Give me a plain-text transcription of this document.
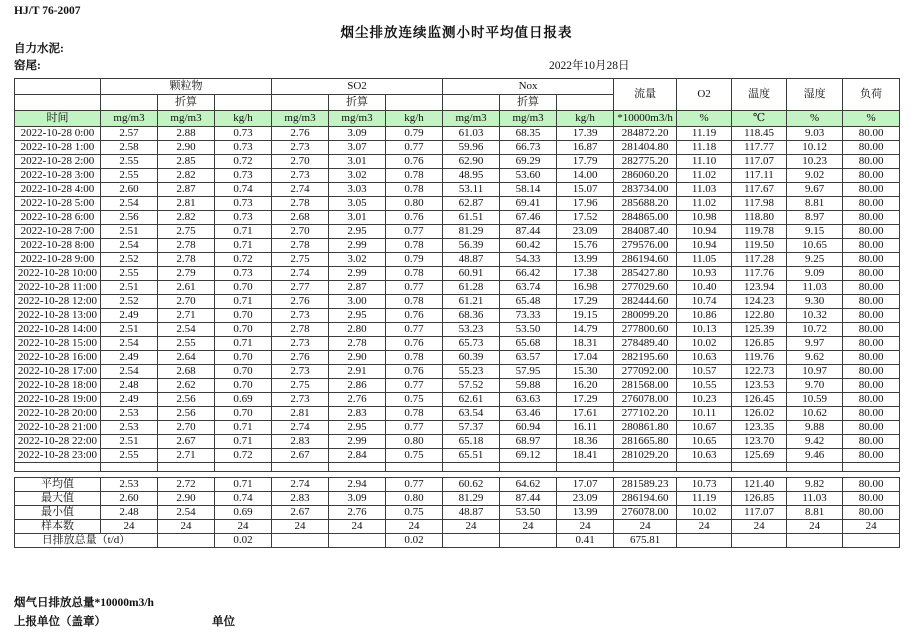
HJ/T 76-2007
烟尘排放连续监测小时平均值日报表
自力水泥:
窑尾:	2022年10月28日
	颗粒物			SO2			Nox			流量	O2	温度	湿度	负荷
		折算			折算			折算						
时间	mg/m3	mg/m3	kg/h	mg/m3	mg/m3	kg/h	mg/m3	mg/m3	kg/h	*10000m3/h	%	℃	%	%
2022-10-28 0:00	2.57	2.88	0.73	2.76	3.09	0.79	61.03	68.35	17.39	284872.20	11.19	118.45	9.03	80.00
2022-10-28 1:00	2.58	2.90	0.73	2.73	3.07	0.77	59.96	66.73	16.87	281404.80	11.18	117.77	10.12	80.00
2022-10-28 2:00	2.55	2.85	0.72	2.70	3.01	0.76	62.90	69.29	17.79	282775.20	11.10	117.07	10.23	80.00
2022-10-28 3:00	2.55	2.82	0.73	2.73	3.02	0.78	48.95	53.60	14.00	286060.20	11.02	117.11	9.02	80.00
2022-10-28 4:00	2.60	2.87	0.74	2.74	3.03	0.78	53.11	58.14	15.07	283734.00	11.03	117.67	9.67	80.00
2022-10-28 5:00	2.54	2.81	0.73	2.78	3.05	0.80	62.87	69.41	17.96	285688.20	11.02	117.98	8.81	80.00
2022-10-28 6:00	2.56	2.82	0.73	2.68	3.01	0.76	61.51	67.46	17.52	284865.00	10.98	118.80	8.97	80.00
2022-10-28 7:00	2.51	2.75	0.71	2.70	2.95	0.77	81.29	87.44	23.09	284087.40	10.94	119.78	9.15	80.00
2022-10-28 8:00	2.54	2.78	0.71	2.78	2.99	0.78	56.39	60.42	15.76	279576.00	10.94	119.50	10.65	80.00
2022-10-28 9:00	2.52	2.78	0.72	2.75	3.02	0.79	48.87	54.33	13.99	286194.60	11.05	117.28	9.25	80.00
2022-10-28 10:00	2.55	2.79	0.73	2.74	2.99	0.78	60.91	66.42	17.38	285427.80	10.93	117.76	9.09	80.00
2022-10-28 11:00	2.51	2.61	0.70	2.77	2.87	0.77	61.28	63.74	16.98	277029.60	10.40	123.94	11.03	80.00
2022-10-28 12:00	2.52	2.70	0.71	2.76	3.00	0.78	61.21	65.48	17.29	282444.60	10.74	124.23	9.30	80.00
2022-10-28 13:00	2.49	2.71	0.70	2.73	2.95	0.76	68.36	73.33	19.15	280099.20	10.86	122.80	10.32	80.00
2022-10-28 14:00	2.51	2.54	0.70	2.78	2.80	0.77	53.23	53.50	14.79	277800.60	10.13	125.39	10.72	80.00
2022-10-28 15:00	2.54	2.55	0.71	2.73	2.78	0.76	65.73	65.68	18.31	278489.40	10.02	126.85	9.97	80.00
2022-10-28 16:00	2.49	2.64	0.70	2.76	2.90	0.78	60.39	63.57	17.04	282195.60	10.63	119.76	9.62	80.00
2022-10-28 17:00	2.54	2.68	0.70	2.73	2.91	0.76	55.23	57.95	15.30	277092.00	10.57	122.73	10.97	80.00
2022-10-28 18:00	2.48	2.62	0.70	2.75	2.86	0.77	57.52	59.88	16.20	281568.00	10.55	123.53	9.70	80.00
2022-10-28 19:00	2.49	2.56	0.69	2.73	2.76	0.75	62.61	63.63	17.29	276078.00	10.23	126.45	10.59	80.00
2022-10-28 20:00	2.53	2.56	0.70	2.81	2.83	0.78	63.54	63.46	17.61	277102.20	10.11	126.02	10.62	80.00
2022-10-28 21:00	2.53	2.70	0.71	2.74	2.95	0.77	57.37	60.94	16.11	280861.80	10.67	123.35	9.88	80.00
2022-10-28 22:00	2.51	2.67	0.71	2.83	2.99	0.80	65.18	68.97	18.36	281665.80	10.65	123.70	9.42	80.00
2022-10-28 23:00	2.55	2.71	0.72	2.67	2.84	0.75	65.51	69.12	18.41	281029.20	10.63	125.69	9.46	80.00

平均值	2.53	2.72	0.71	2.74	2.94	0.77	60.62	64.62	17.07	281589.23	10.73	121.40	9.82	80.00
最大值	2.60	2.90	0.74	2.83	3.09	0.80	81.29	87.44	23.09	286194.60	11.19	126.85	11.03	80.00
最小值	2.48	2.54	0.69	2.67	2.76	0.75	48.87	53.50	13.99	276078.00	10.02	117.07	8.81	80.00
样本数	24	24	24	24	24	24	24	24	24	24	24	24	24	24
日排放总量（t/d）			0.02			0.02			0.41	675.81				
烟气日排放总量*10000m3/h
上报单位（盖章）	单位
